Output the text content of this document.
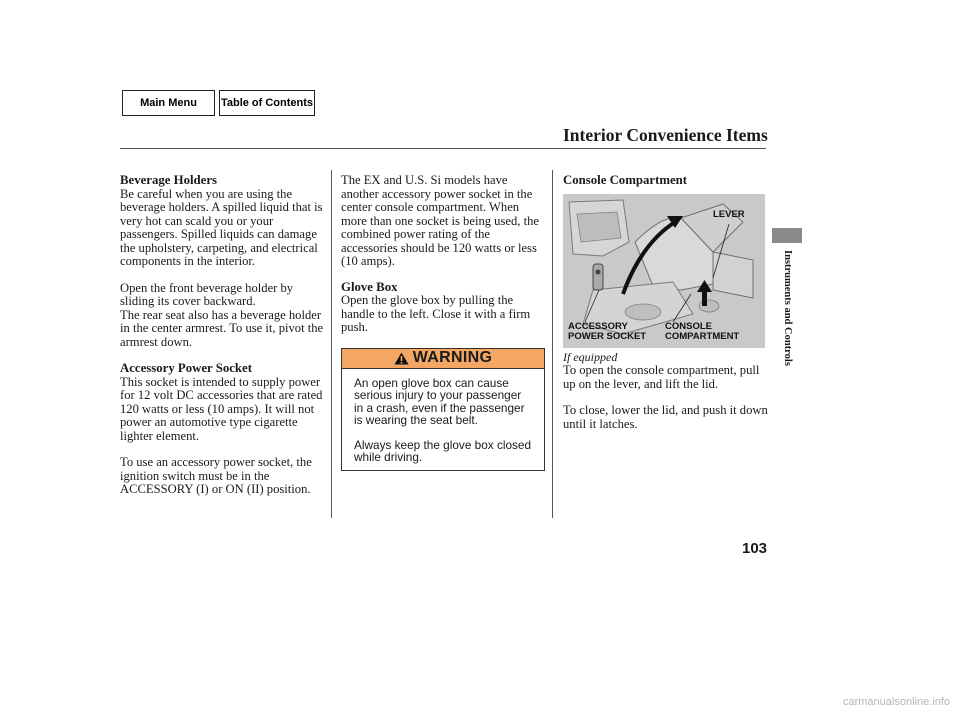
Main Menu	Table of Contents
Interior Convenience Items
Beverage Holders

Be careful when you are using the beverage holders. A spilled liquid that is very hot can scald you or your passengers. Spilled liquids can damage the upholstery, carpeting, and electrical components in the interior.

Open the front beverage holder by sliding its cover backward.

The rear seat also has a beverage holder in the center armrest. To use it, pivot the armrest down.

Accessory Power Socket

This socket is intended to supply power for 12 volt DC accessories that are rated 120 watts or less (10 amps). It will not power an automotive type cigarette lighter element.

To use an accessory power socket, the ignition switch must be in the ACCESSORY (I) or ON (II) position.

The EX and U.S. Si models have another accessory power socket in the center console compartment. When more than one socket is being used, the combined power rating of the accessories should be 120 watts or less (10 amps).

Glove Box

Open the glove box by pulling the handle to the left. Close it with a firm push.

WARNING

An open glove box can cause serious injury to your passenger in a crash, even if the passenger is wearing the seat belt.

Always keep the glove box closed while driving.

Console Compartment
LEVER
ACCESSORY POWER SOCKET
CONSOLE COMPARTMENT
If equipped

To open the console compartment, pull up on the lever, and lift the lid.

To close, lower the lid, and push it down until it latches.

Instruments and Controls
103
carmanualsonline.info
